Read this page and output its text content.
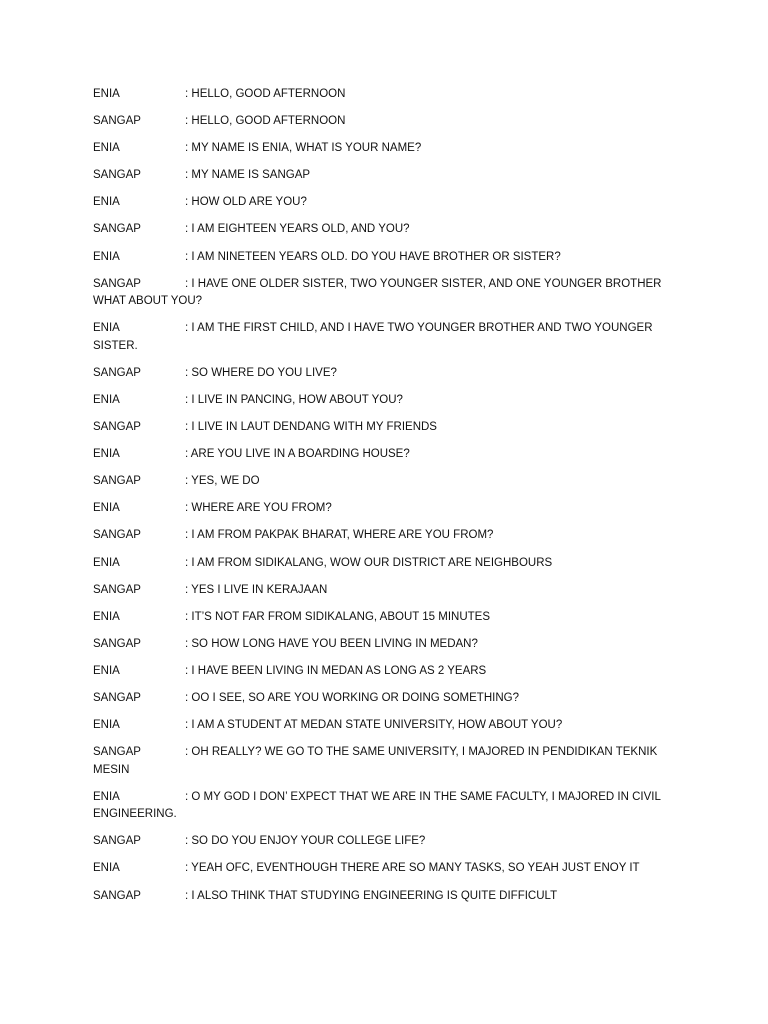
ENIA	: HELLO, GOOD AFTERNOON
SANGAP	: HELLO, GOOD AFTERNOON
ENIA	: MY NAME IS ENIA, WHAT IS YOUR NAME?
SANGAP	: MY NAME IS SANGAP
ENIA	: HOW OLD ARE YOU?
SANGAP	: I AM EIGHTEEN YEARS OLD, AND YOU?
ENIA	: I AM NINETEEN YEARS OLD. DO YOU HAVE BROTHER OR SISTER?
SANGAP	: I HAVE ONE OLDER SISTER, TWO YOUNGER SISTER, AND ONE YOUNGER BROTHER WHAT ABOUT YOU?
ENIA	: I AM THE FIRST CHILD, AND I HAVE TWO YOUNGER BROTHER AND TWO YOUNGER SISTER.
SANGAP	: SO WHERE DO YOU LIVE?
ENIA	: I LIVE IN PANCING, HOW ABOUT YOU?
SANGAP	: I LIVE IN LAUT DENDANG WITH MY FRIENDS
ENIA	: ARE YOU LIVE IN A BOARDING HOUSE?
SANGAP	: YES, WE DO
ENIA	: WHERE ARE YOU FROM?
SANGAP	: I AM FROM PAKPAK BHARAT, WHERE ARE YOU FROM?
ENIA	: I AM FROM SIDIKALANG, WOW OUR DISTRICT ARE NEIGHBOURS
SANGAP	: YES I LIVE IN KERAJAAN
ENIA	: IT’S NOT FAR FROM SIDIKALANG, ABOUT 15 MINUTES
SANGAP	: SO HOW LONG HAVE YOU BEEN LIVING IN MEDAN?
ENIA	: I HAVE BEEN LIVING IN MEDAN AS LONG AS 2 YEARS
SANGAP	: OO I SEE, SO ARE YOU WORKING OR DOING SOMETHING?
ENIA	: I AM A STUDENT AT MEDAN STATE UNIVERSITY, HOW ABOUT YOU?
SANGAP	: OH REALLY? WE GO TO THE SAME UNIVERSITY, I MAJORED IN PENDIDIKAN TEKNIK MESIN
ENIA	: O MY GOD I DON’ EXPECT THAT WE ARE IN THE SAME FACULTY, I MAJORED IN CIVIL ENGINEERING.
SANGAP	: SO DO YOU ENJOY YOUR COLLEGE LIFE?
ENIA	: YEAH OFC, EVENTHOUGH THERE ARE SO MANY TASKS, SO YEAH JUST ENOY IT
SANGAP	: I ALSO THINK THAT STUDYING ENGINEERING IS QUITE DIFFICULT
